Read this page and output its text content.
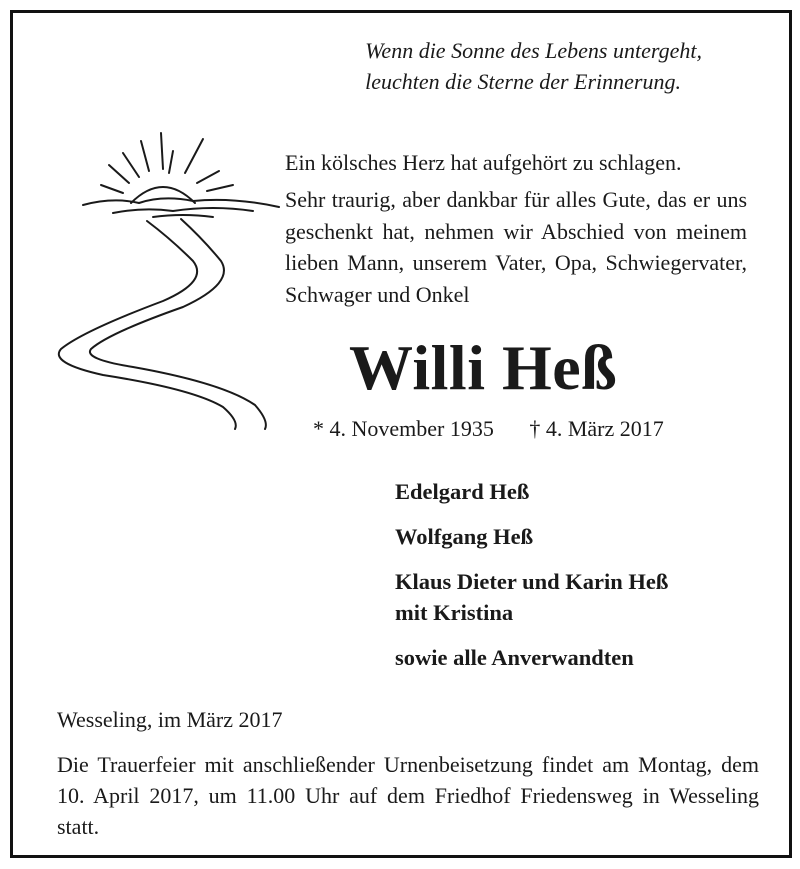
Wenn die Sonne des Lebens untergeht,
leuchten die Sterne der Erinnerung.
Ein kölsches Herz hat aufgehört zu schlagen.
Sehr traurig, aber dankbar für alles Gute, das er uns geschenkt hat, nehmen wir Abschied von meinem lieben Mann, unserem Vater, Opa, Schwiegervater, Schwager und Onkel
Willi Heß
* 4. November 1935 † 4. März 2017
Edelgard Heß
Wolfgang Heß
Klaus Dieter und Karin Heß
mit Kristina
sowie alle Anverwandten
Wesseling, im März 2017
Die Trauerfeier mit anschließender Urnenbeisetzung findet am Montag, dem 10. April 2017, um 11.00 Uhr auf dem Friedhof Friedensweg in Wesseling statt.
